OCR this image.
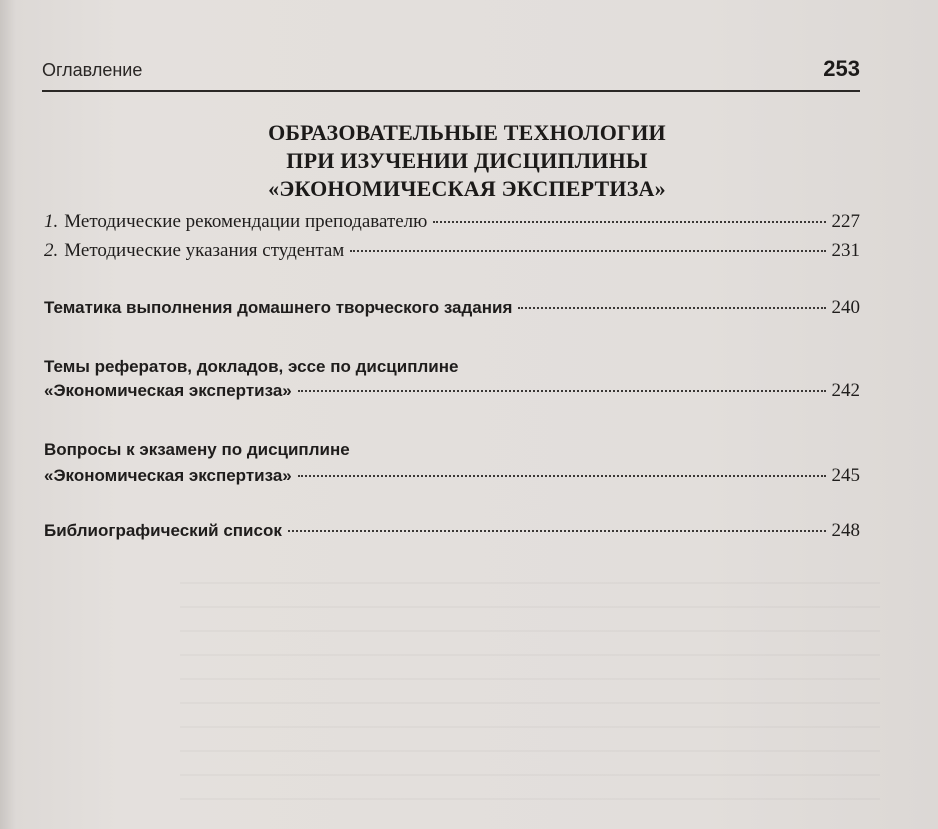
Оглавление	253
ОБРАЗОВАТЕЛЬНЫЕ ТЕХНОЛОГИИ
ПРИ ИЗУЧЕНИИ ДИСЦИПЛИНЫ
«ЭКОНОМИЧЕСКАЯ ЭКСПЕРТИЗА»
1. Методические рекомендации преподавателю	227
2. Методические указания студентам	231
Тематика выполнения домашнего творческого задания	240
Темы рефератов, докладов, эссе по дисциплине
«Экономическая экспертиза»	242
Вопросы к экзамену по дисциплине
«Экономическая экспертиза»	245
Библиографический список	248
